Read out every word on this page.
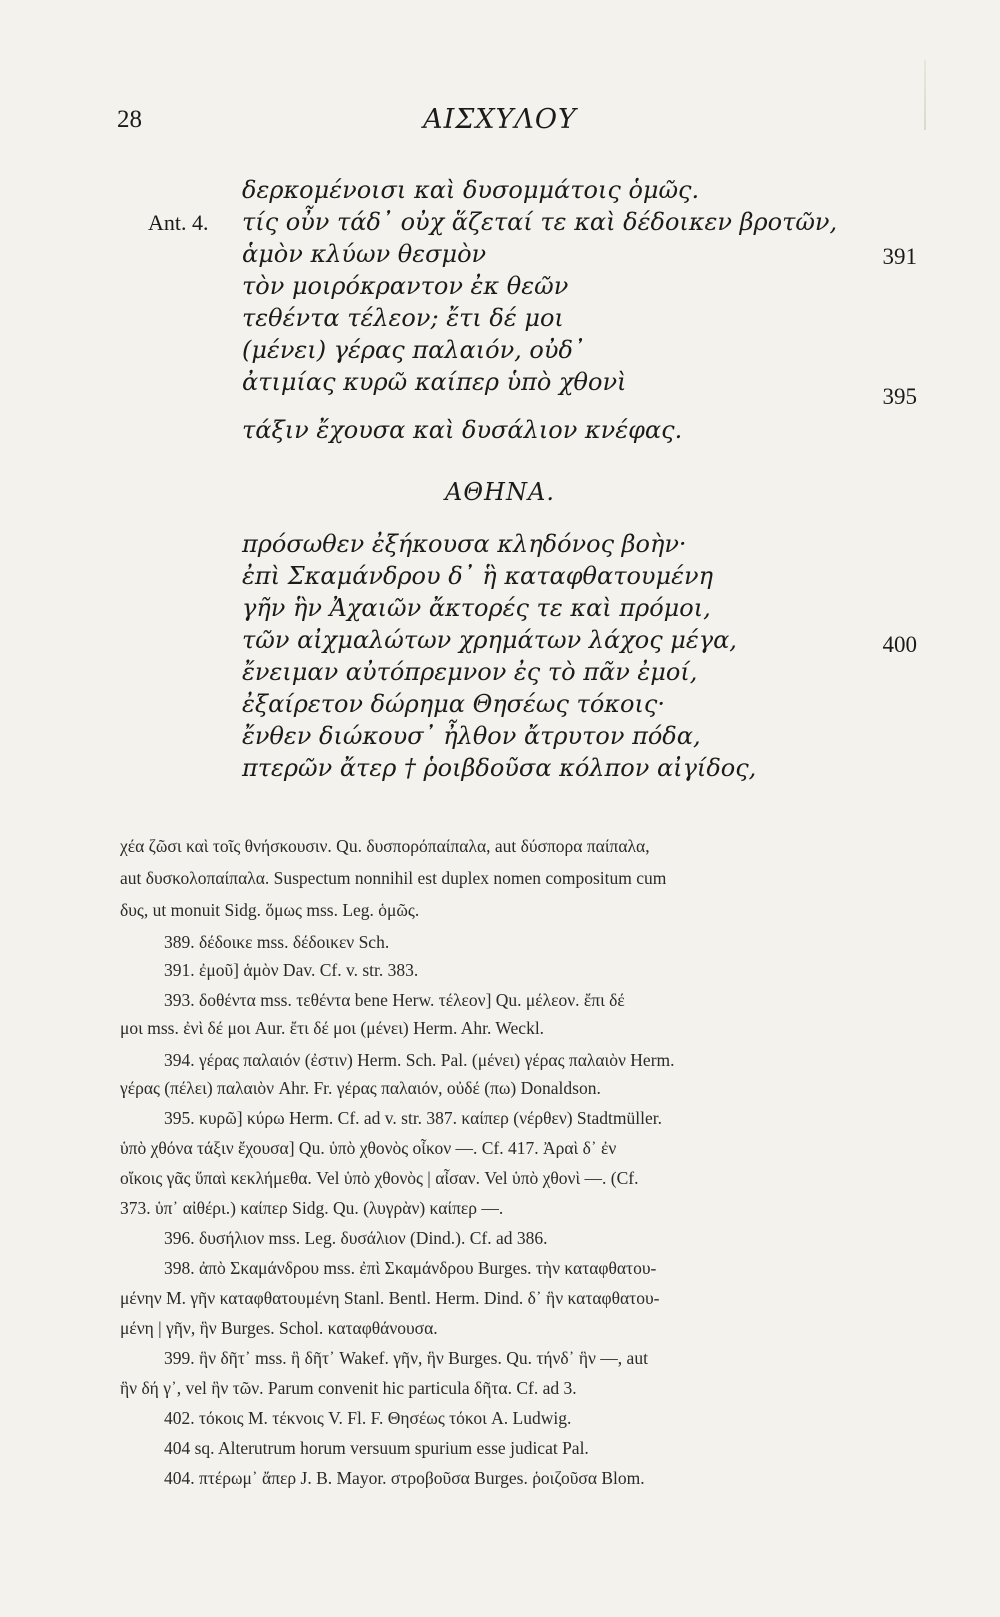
28	ΑΙΣΧΥΛΟΥ
δερκομένοισι καὶ δυσομμάτοις ὁμῶς.
Ant. 4. τίς οὖν τάδ᾽ οὐχ ἅζεταί τε καὶ δέδοικεν βροτῶν,
ἁμὸν κλύων θεσμὸν	391
τὸν μοιρόκραντον ἐκ θεῶν
τεθέντα τέλεον; ἔτι δέ μοι
(μένει) γέρας παλαιόν, οὐδ᾽
ἀτιμίας κυρῶ καίπερ ὑπὸ χθονὶ
395
τάξιν ἔχουσα καὶ δυσάλιον κνέφας.
ΑΘΗΝΑ.
πρόσωθεν ἐξήκουσα κληδόνος βοὴν·
ἐπὶ Σκαμάνδρου δ᾽ ἣ καταφθατουμένη
γῆν ἣν Ἀχαιῶν ἄκτορές τε καὶ πρόμοι,
τῶν αἰχμαλώτων χρημάτων λάχος μέγα,	400
ἔνειμαν αὐτόπρεμνον ἐς τὸ πᾶν ἐμοί,
ἐξαίρετον δώρημα Θησέως τόκοις·
ἔνθεν διώκουσ᾽ ἦλθον ἄτρυτον πόδα,
πτερῶν ἄτερ † ῥοιβδοῦσα κόλπον αἰγίδος,
χέα ζῶσι καὶ τοῖς θνήσκουσιν. Qu. δυσπορόπαίπαλα, aut δύσπορα παίπαλα,
aut δυσκολοπαίπαλα. Suspectum nonnihil est duplex nomen compositum cum
δυς, ut monuit Sidg. ὅμως mss. Leg. ὁμῶς.
389. δέδοικε mss. δέδοικεν Sch.
391. ἐμοῦ] ἁμὸν Dav. Cf. v. str. 383.
393. δοθέντα mss. τεθέντα bene Herw. τέλεον] Qu. μέλεον. ἔπι δέ
μοι mss. ἐνὶ δέ μοι Aur. ἔτι δέ μοι (μένει) Herm. Ahr. Weckl.
394. γέρας παλαιόν (ἐστιν) Herm. Sch. Pal. (μένει) γέρας παλαιὸν Herm.
γέρας (πέλει) παλαιὸν Ahr. Fr. γέρας παλαιόν, οὐδέ (πω) Donaldson.
395. κυρῶ] κύρω Herm. Cf. ad v. str. 387. καίπερ (νέρθεν) Stadtmüller.
ὑπὸ χθόνα τάξιν ἔχουσα] Qu. ὑπὸ χθονὸς οἶκον —. Cf. 417. Ἀραὶ δ᾽ ἐν
οἴκοις γᾶς ὕπαὶ κεκλήμεθα. Vel ὑπὸ χθονὸς | αἶσαν. Vel ὑπὸ χθονὶ —. (Cf.
373. ὑπ᾽ αἰθέρι.) καίπερ Sidg. Qu. (λυγρὰν) καίπερ —.
396. δυσήλιον mss. Leg. δυσάλιον (Dind.). Cf. ad 386.
398. ἀπὸ Σκαμάνδρου mss. ἐπὶ Σκαμάνδρου Burges. τὴν καταφθατου-
μένην M. γῆν καταφθατουμένη Stanl. Bentl. Herm. Dind. δ᾽ ἣν καταφθατου-
μένη | γῆν, ἣν Burges. Schol. καταφθάνουσα.
399. ἣν δῆτ᾽ mss. ἣ δῆτ᾽ Wakef. γῆν, ἣν Burges. Qu. τήνδ᾽ ἣν —, aut
ἣν δή γ᾽, vel ἣν τῶν. Parum convenit hic particula δῆτα. Cf. ad 3.
402. τόκοις M. τέκνοις V. Fl. F. Θησέως τόκοι A. Ludwig.
404 sq. Alterutrum horum versuum spurium esse judicat Pal.
404. πτέρωμ᾽ ἄπερ J. B. Mayor. στροβοῦσα Burges. ῥοιζοῦσα Blom.
